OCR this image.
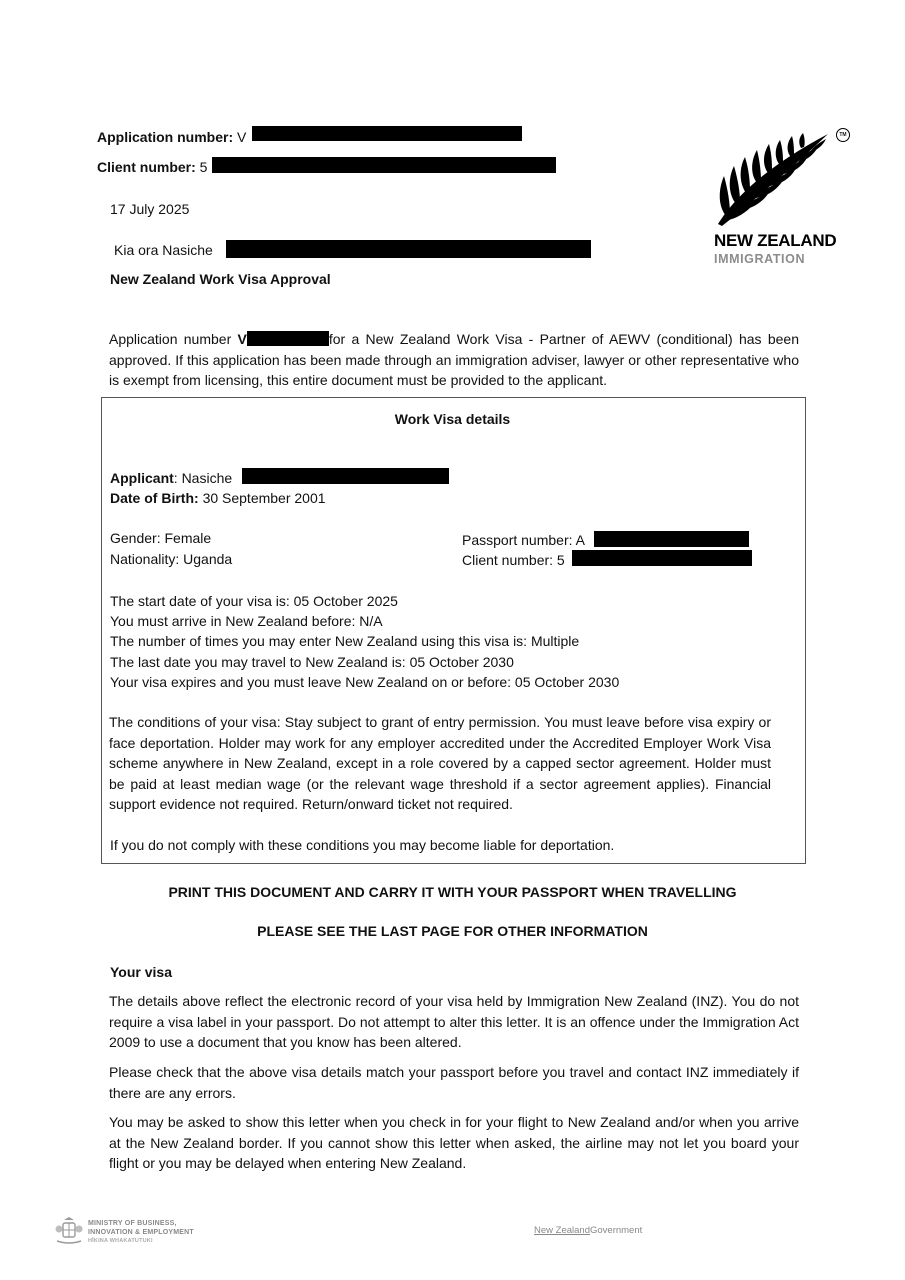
Application number: V
Client number: 5
17 July 2025
Kia ora Nasiche
New Zealand Work Visa Approval
TM
NEW ZEALAND
IMMIGRATION
Application number V	for a New Zealand Work Visa - Partner of AEWV (conditional) has been approved. If this application has been made through an immigration adviser, lawyer or other representative who is exempt from licensing, this entire document must be provided to the applicant.
Work Visa details
Applicant: Nasiche
Date of Birth: 30 September 2001
Gender: Female
Nationality: Uganda
Passport number: A
Client number: 5
The start date of your visa is: 05 October 2025
You must arrive in New Zealand before: N/A
The number of times you may enter New Zealand using this visa is: Multiple
The last date you may travel to New Zealand is: 05 October 2030
Your visa expires and you must leave New Zealand on or before: 05 October 2030
The conditions of your visa: Stay subject to grant of entry permission. You must leave before visa expiry or face deportation. Holder may work for any employer accredited under the Accredited Employer Work Visa scheme anywhere in New Zealand, except in a role covered by a capped sector agreement. Holder must be paid at least median wage (or the relevant wage threshold if a sector agreement applies). Financial support evidence not required. Return/onward ticket not required.
If you do not comply with these conditions you may become liable for deportation.
PRINT THIS DOCUMENT AND CARRY IT WITH YOUR PASSPORT WHEN TRAVELLING
PLEASE SEE THE LAST PAGE FOR OTHER INFORMATION
Your visa
The details above reflect the electronic record of your visa held by Immigration New Zealand (INZ). You do not require a visa label in your passport. Do not attempt to alter this letter. It is an offence under the Immigration Act 2009 to use a document that you know has been altered.
Please check that the above visa details match your passport before you travel and contact INZ immediately if there are any errors.
You may be asked to show this letter when you check in for your flight to New Zealand and/or when you arrive at the New Zealand border. If you cannot show this letter when asked, the airline may not let you board your flight or you may be delayed when entering New Zealand.
MINISTRY OF BUSINESS,
INNOVATION & EMPLOYMENT
HĪKINA WHAKATUTUKI
New ZealandGovernment
